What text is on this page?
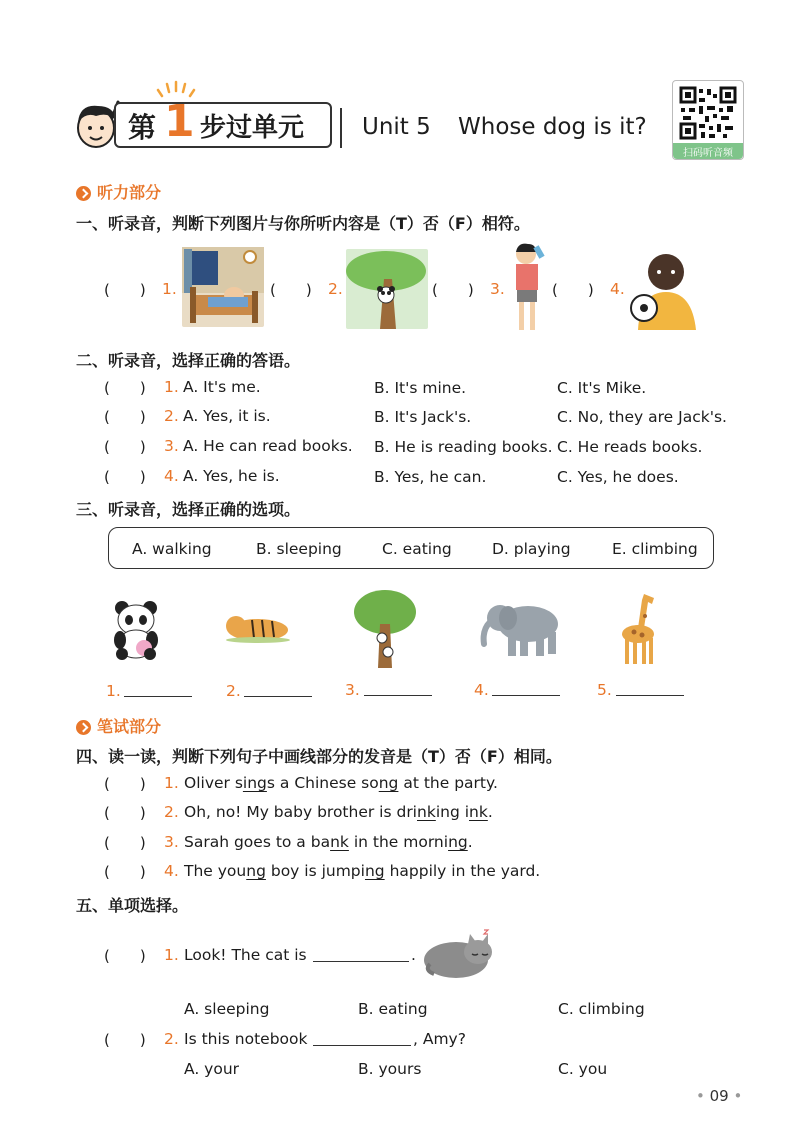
第 1 步过单元	Unit 5 Whose dog is it?
扫码听音频
听力部分
一、听录音，判断下列图片与你所听内容是（T）否（F）相符。
(　　) 1.	(　　) 2.	(　　) 3.	(　　) 4.
二、听录音，选择正确的答语。
(　　) 1. A. It's me.	B. It's mine.	C. It's Mike.
(　　) 2. A. Yes, it is.	B. It's Jack's.	C. No, they are Jack's.
(　　) 3. A. He can read books. B. He is reading books. C. He reads books.
(　　) 4. A. Yes, he is.	B. Yes, he can.	C. Yes, he does.
三、听录音，选择正确的选项。
A. walking	B. sleeping	C. eating	D. playing	E. climbing
1.	2.	3.	4.	5.
笔试部分
四、读一读，判断下列句子中画线部分的发音是（T）否（F）相同。
(　　) 1. Oliver sings a Chinese song at the party.
(　　) 2. Oh, no! My baby brother is drinking ink.
(　　) 3. Sarah goes to a bank in the morning.
(　　) 4. The young boy is jumping happily in the yard.
五、单项选择。
(　　) 1. Look! The cat is	.
A. sleeping	B. eating	C. climbing
(　　) 2. Is this notebook	, Amy?
A. your	B. yours	C. you
• 09 •
